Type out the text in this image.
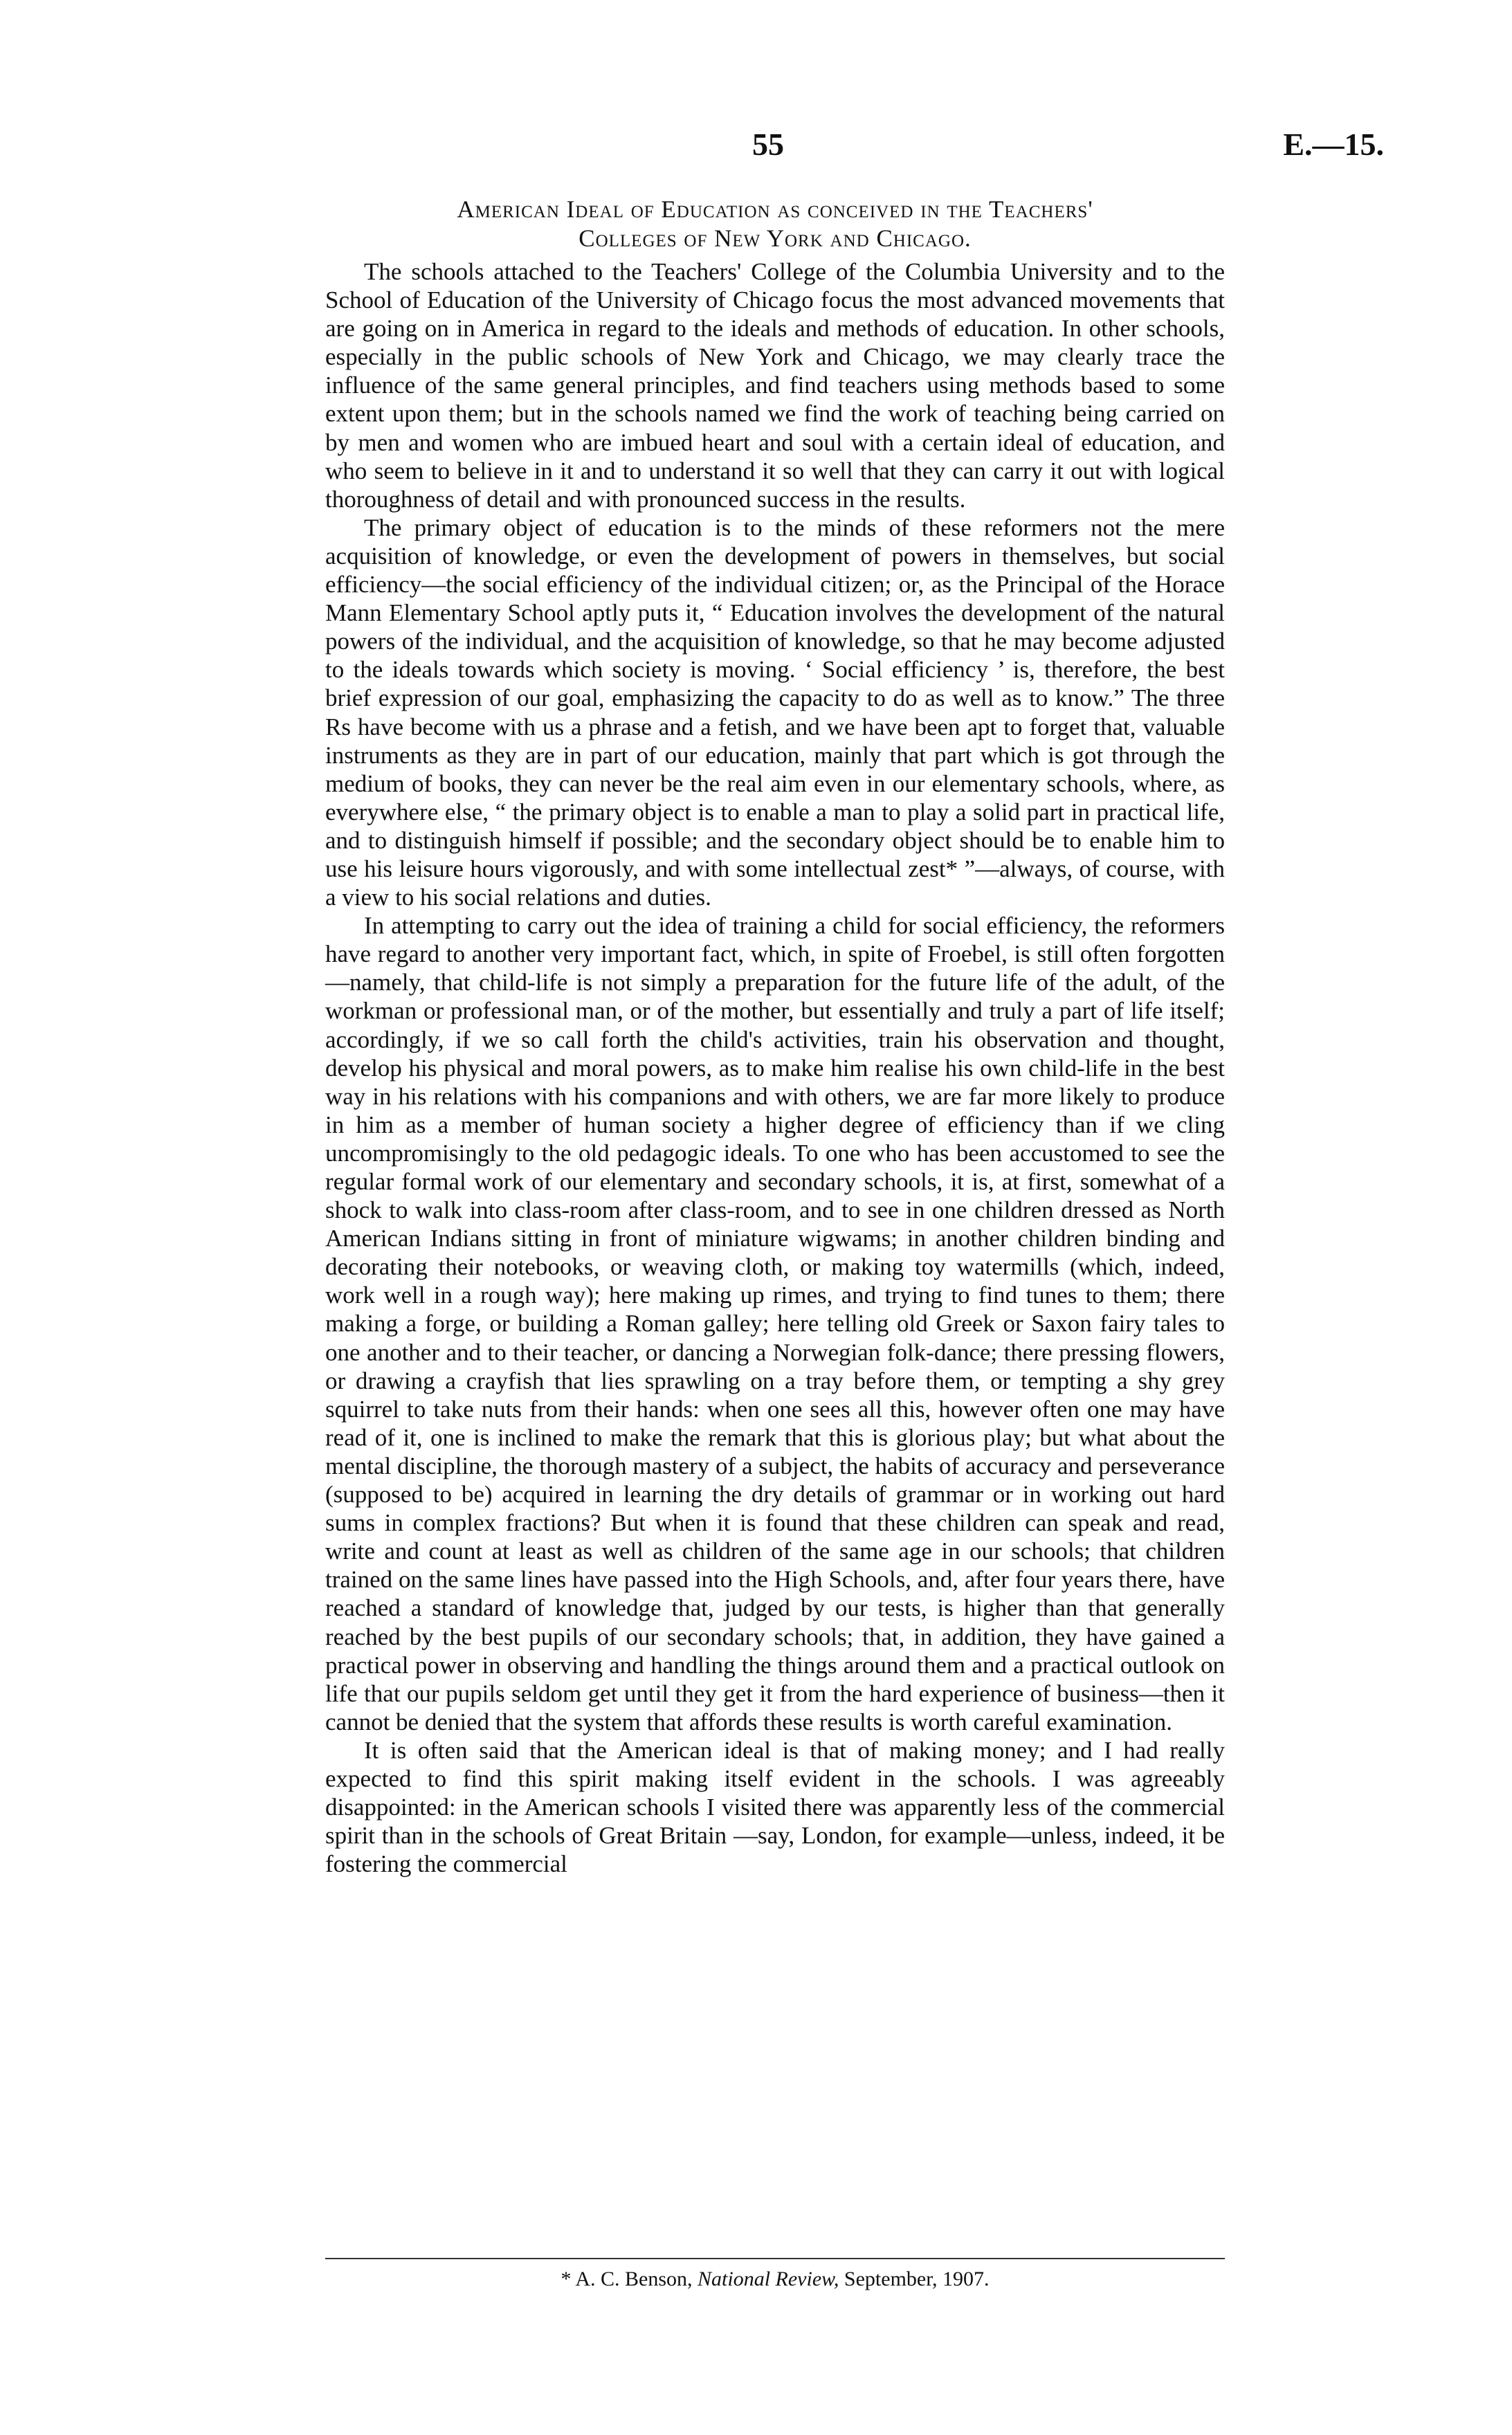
55	E.—15.
American Ideal of Education as conceived in the Teachers'
Colleges of New York and Chicago.

The schools attached to the Teachers' College of the Columbia University and to the School of Education of the University of Chicago focus the most advanced movements that are going on in America in regard to the ideals and methods of education. In other schools, especially in the public schools of New York and Chicago, we may clearly trace the influence of the same general principles, and find teachers using methods based to some extent upon them; but in the schools named we find the work of teaching being carried on by men and women who are imbued heart and soul with a certain ideal of education, and who seem to believe in it and to understand it so well that they can carry it out with logical thoroughness of detail and with pronounced success in the results.

The primary object of education is to the minds of these reformers not the mere acquisition of knowledge, or even the development of powers in themselves, but social efficiency—the social efficiency of the individual citizen; or, as the Principal of the Horace Mann Elementary School aptly puts it, “ Education involves the development of the natural powers of the individual, and the acquisition of knowledge, so that he may become adjusted to the ideals towards which society is moving. ‘ Social efficiency ’ is, therefore, the best brief expression of our goal, emphasizing the capacity to do as well as to know.” The three Rs have become with us a phrase and a fetish, and we have been apt to forget that, valuable instruments as they are in part of our education, mainly that part which is got through the medium of books, they can never be the real aim even in our elementary schools, where, as everywhere else, “ the primary object is to enable a man to play a solid part in practical life, and to distinguish himself if possible; and the secondary object should be to enable him to use his leisure hours vigorously, and with some intellectual zest* ”—always, of course, with a view to his social relations and duties.

In attempting to carry out the idea of training a child for social efficiency, the reformers have regard to another very important fact, which, in spite of Froebel, is still often forgotten—namely, that child-life is not simply a preparation for the future life of the adult, of the workman or professional man, or of the mother, but essentially and truly a part of life itself; accordingly, if we so call forth the child's activities, train his observation and thought, develop his physical and moral powers, as to make him realise his own child-life in the best way in his relations with his companions and with others, we are far more likely to produce in him as a member of human society a higher degree of efficiency than if we cling uncompromisingly to the old pedagogic ideals. To one who has been accustomed to see the regular formal work of our elementary and secondary schools, it is, at first, somewhat of a shock to walk into class-room after class-room, and to see in one children dressed as North American Indians sitting in front of miniature wigwams; in another children binding and decorating their notebooks, or weaving cloth, or making toy watermills (which, indeed, work well in a rough way); here making up rimes, and trying to find tunes to them; there making a forge, or building a Roman galley; here telling old Greek or Saxon fairy tales to one another and to their teacher, or dancing a Norwegian folk-dance; there pressing flowers, or drawing a crayfish that lies sprawling on a tray before them, or tempting a shy grey squirrel to take nuts from their hands: when one sees all this, however often one may have read of it, one is inclined to make the remark that this is glorious play; but what about the mental discipline, the thorough mastery of a subject, the habits of accuracy and perseverance (supposed to be) acquired in learning the dry details of grammar or in working out hard sums in complex fractions? But when it is found that these children can speak and read, write and count at least as well as children of the same age in our schools; that children trained on the same lines have passed into the High Schools, and, after four years there, have reached a standard of knowledge that, judged by our tests, is higher than that generally reached by the best pupils of our secondary schools; that, in addition, they have gained a practical power in observing and handling the things around them and a practical outlook on life that our pupils seldom get until they get it from the hard experience of business—then it cannot be denied that the system that affords these results is worth careful examination.

It is often said that the American ideal is that of making money; and I had really expected to find this spirit making itself evident in the schools. I was agreeably disappointed: in the American schools I visited there was apparently less of the commercial spirit than in the schools of Great Britain —say, London, for example—unless, indeed, it be fostering the commercial

* A. C. Benson, National Review, September, 1907.
